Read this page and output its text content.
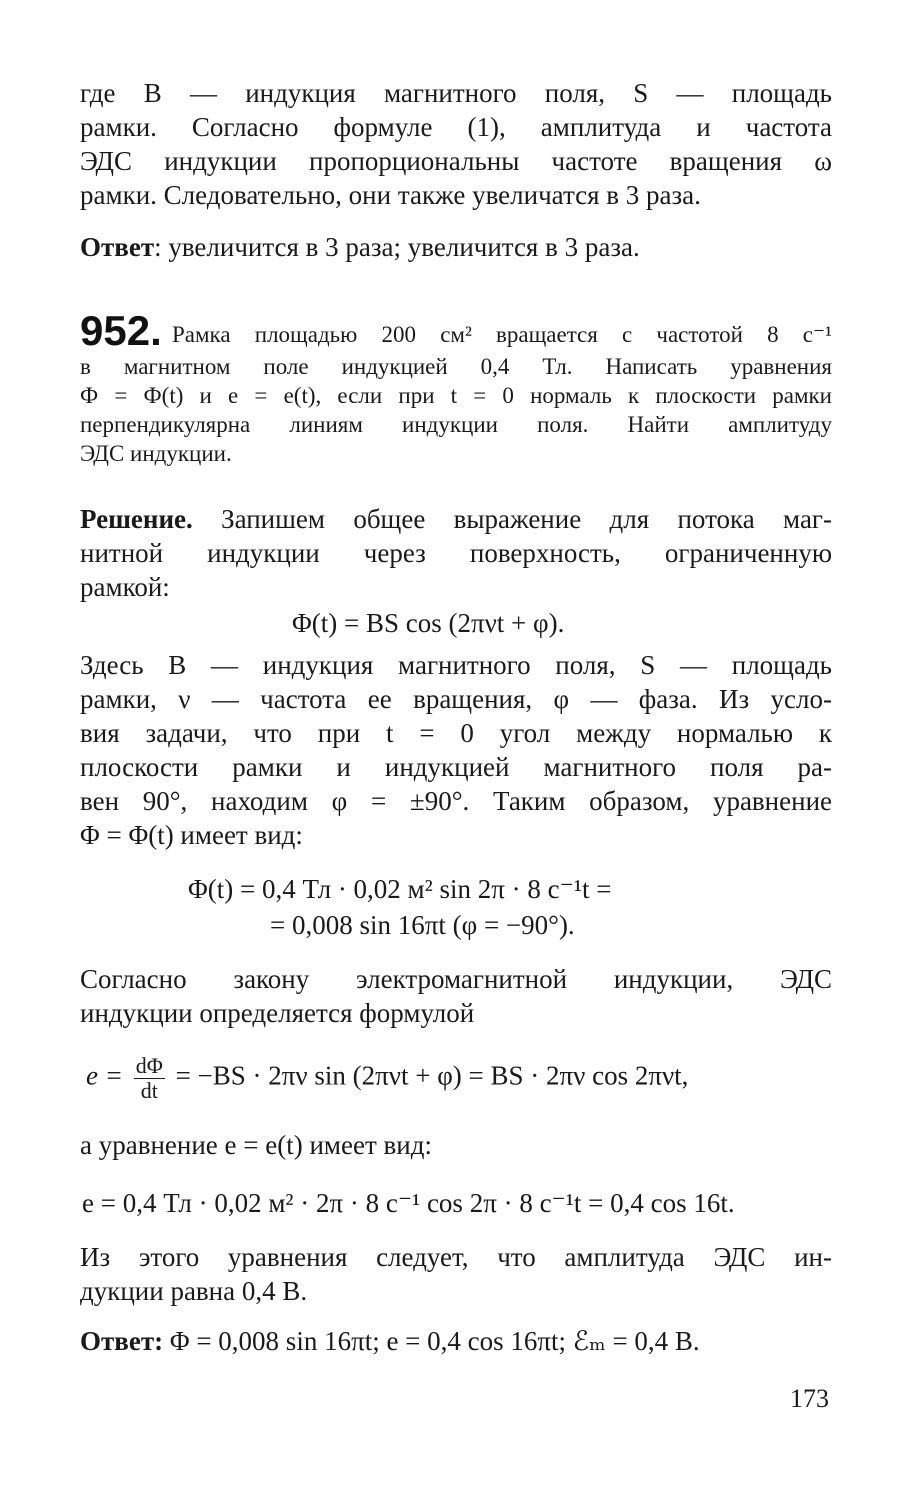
где B — индукция магнитного поля, S — площадь
рамки. Согласно формуле (1), амплитуда и частота
ЭДС индукции пропорциональны частоте вращения ω
рамки. Следовательно, они также увеличатся в 3 раза.
Ответ: увеличится в 3 раза; увеличится в 3 раза.
952. Рамка площадью 200 см² вращается с частотой 8 с⁻¹
в магнитном поле индукцией 0,4 Тл. Написать уравнения
Ф = Ф(t) и e = e(t), если при t = 0 нормаль к плоскости рамки
перпендикулярна линиям индукции поля. Найти амплитуду
ЭДС индукции.
Решение. Запишем общее выражение для потока маг-
нитной индукции через поверхность, ограниченную
рамкой:
Φ(t) = BS cos (2πνt + φ).
Здесь B — индукция магнитного поля, S — площадь
рамки, ν — частота ее вращения, φ — фаза. Из усло-
вия задачи, что при t = 0 угол между нормалью к
плоскости рамки и индукцией магнитного поля ра-
вен 90°, находим φ = ±90°. Таким образом, уравнение
Φ = Φ(t) имеет вид:
Φ(t) = 0,4 Тл · 0,02 м² sin 2π · 8 с⁻¹t =
= 0,008 sin 16πt (φ = −90°).
Согласно закону электромагнитной индукции, ЭДС
индукции определяется формулой
$e = \frac{d\Phi}{dt} = -BS \cdot 2\pi\nu$ sin (2πνt + φ) = BS · 2πν cos 2πνt,
а уравнение e = e(t) имеет вид:
e = 0,4 Тл · 0,02 м² · 2π · 8 с⁻¹ cos 2π · 8 с⁻¹t = 0,4 cos 16t.
Из этого уравнения следует, что амплитуда ЭДС ин-
дукции равна 0,4 В.
Ответ: Φ = 0,008 sin 16πt; e = 0,4 cos 16πt; ℰₘ = 0,4 В.
173
